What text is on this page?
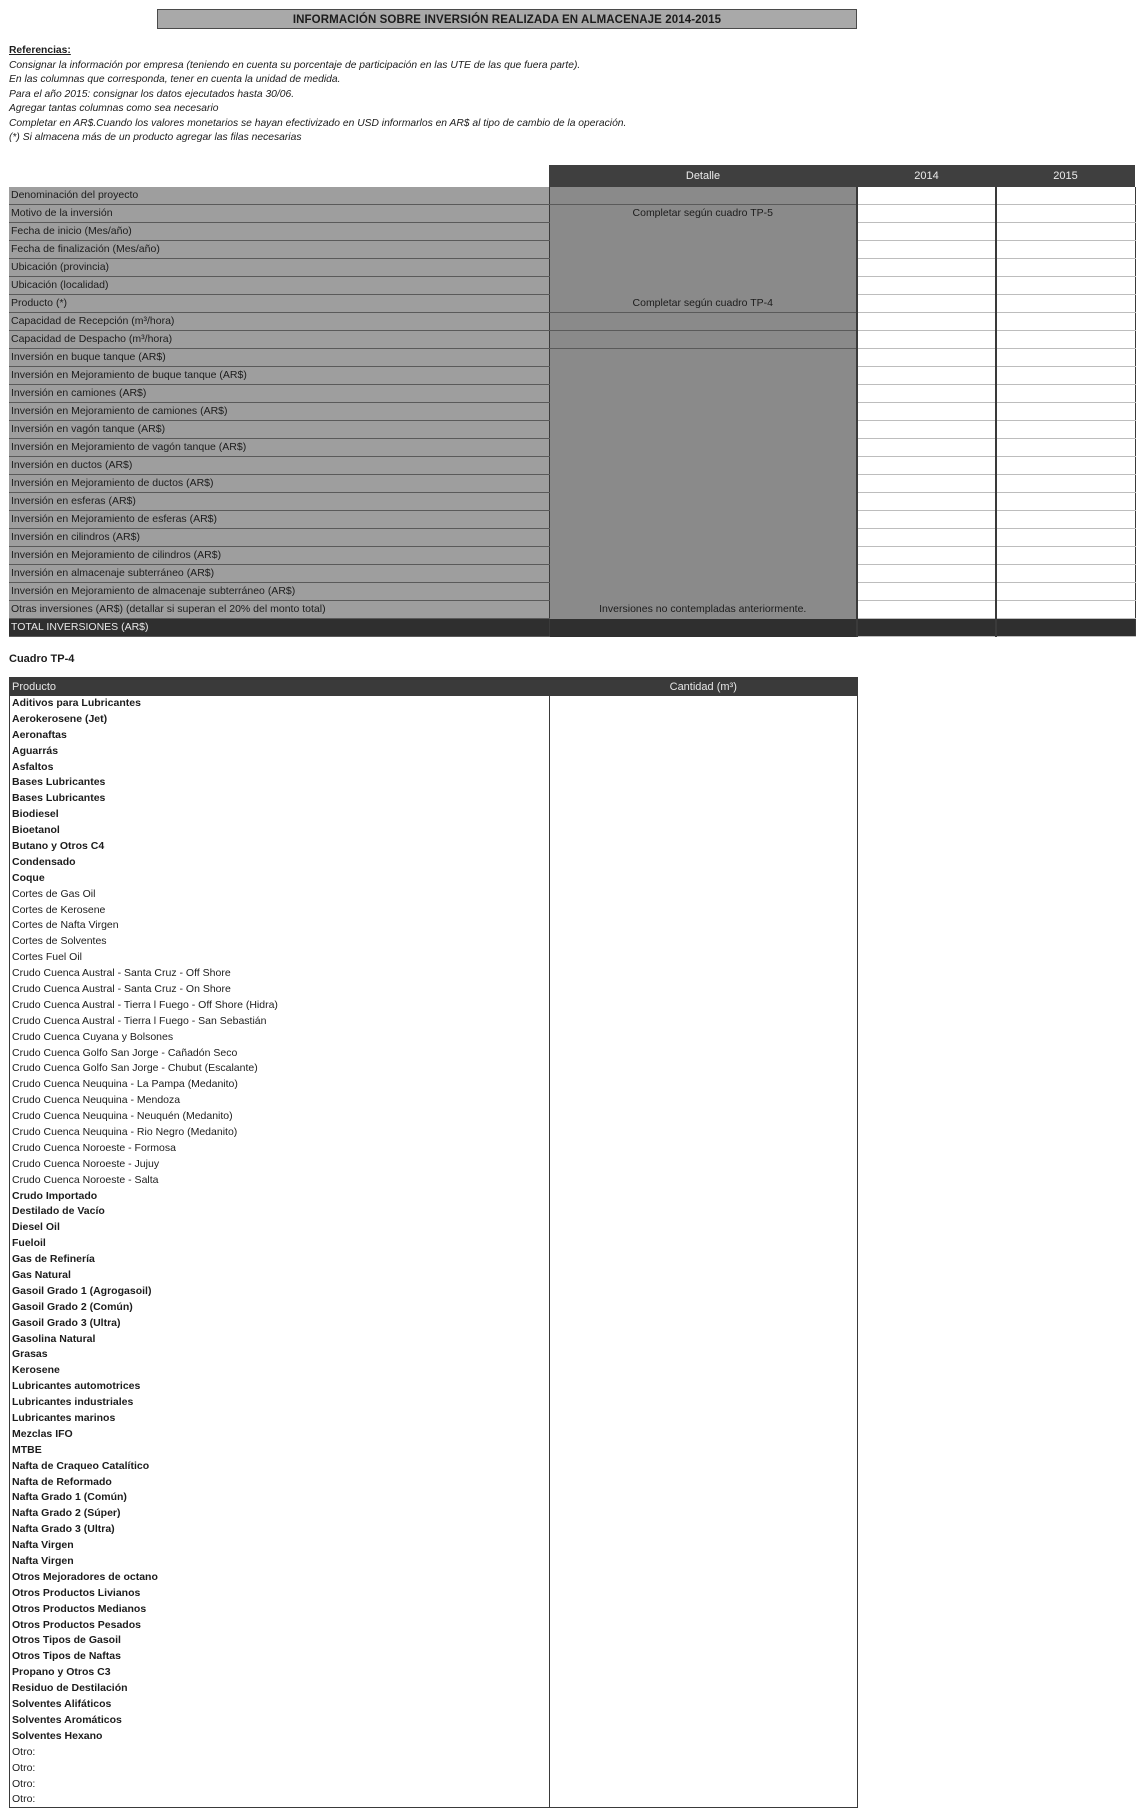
INFORMACIÓN SOBRE INVERSIÓN REALIZADA EN ALMACENAJE 2014-2015
Referencias:
Consignar la información por empresa (teniendo en cuenta su porcentaje de participación en las UTE de las que fuera parte).
En las columnas que corresponda, tener en cuenta la unidad de medida.
Para el año 2015: consignar los datos ejecutados hasta 30/06.
Agregar tantas columnas como sea necesario
Completar en AR$.Cuando los valores monetarios se hayan efectivizado en USD informarlos en AR$ al tipo de cambio de la operación.
(*) Si almacena más de un producto agregar las filas necesarias
	Detalle	2014	2015
Denominación del proyecto			
Motivo de la inversión	Completar según cuadro TP-5		
Fecha de inicio (Mes/año)			
Fecha de finalización (Mes/año)			
Ubicación (provincia)			
Ubicación (localidad)			
Producto (*)	Completar según cuadro TP-4		
Capacidad de Recepción (m³/hora)			
Capacidad de Despacho (m³/hora)			
Inversión en buque tanque (AR$)			
Inversión en Mejoramiento de buque tanque (AR$)			
Inversión en camiones (AR$)			
Inversión en Mejoramiento de camiones (AR$)			
Inversión en vagón tanque (AR$)			
Inversión en Mejoramiento de vagón tanque (AR$)			
Inversión en ductos (AR$)			
Inversión en Mejoramiento de ductos (AR$)			
Inversión en esferas (AR$)			
Inversión en Mejoramiento de esferas (AR$)			
Inversión en cilindros (AR$)			
Inversión en Mejoramiento de cilindros (AR$)			
Inversión en almacenaje subterráneo (AR$)			
Inversión en Mejoramiento de almacenaje subterráneo (AR$)			
Otras inversiones (AR$) (detallar si superan el 20% del monto total)	Inversiones no contempladas anteriormente.		
TOTAL INVERSIONES (AR$)			
Cuadro TP-4
Producto	Cantidad (m³)
Aditivos para Lubricantes	
Aerokerosene (Jet)	
Aeronaftas	
Aguarrás	
Asfaltos	
Bases Lubricantes	
Bases Lubricantes	
Biodiesel	
Bioetanol	
Butano y Otros C4	
Condensado	
Coque	
Cortes de Gas Oil	
Cortes de Kerosene	
Cortes de Nafta Virgen	
Cortes de Solventes	
Cortes Fuel Oil	
Crudo Cuenca Austral - Santa Cruz - Off Shore	
Crudo Cuenca Austral - Santa Cruz - On Shore	
Crudo Cuenca Austral - Tierra l Fuego - Off Shore (Hidra)	
Crudo Cuenca Austral - Tierra l Fuego - San Sebastián	
Crudo Cuenca Cuyana y Bolsones	
Crudo Cuenca Golfo San Jorge - Cañadón Seco	
Crudo Cuenca Golfo San Jorge - Chubut (Escalante)	
Crudo Cuenca Neuquina - La Pampa (Medanito)	
Crudo Cuenca Neuquina - Mendoza	
Crudo Cuenca Neuquina - Neuquén (Medanito)	
Crudo Cuenca Neuquina - Rio Negro (Medanito)	
Crudo Cuenca Noroeste - Formosa	
Crudo Cuenca Noroeste - Jujuy	
Crudo Cuenca Noroeste - Salta	
Crudo Importado	
Destilado de Vacío	
Diesel Oil	
Fueloil	
Gas de Refinería	
Gas Natural	
Gasoil Grado 1 (Agrogasoil)	
Gasoil Grado 2 (Común)	
Gasoil Grado 3 (Ultra)	
Gasolina Natural	
Grasas	
Kerosene	
Lubricantes automotrices	
Lubricantes industriales	
Lubricantes marinos	
Mezclas IFO	
MTBE	
Nafta de Craqueo Catalítico	
Nafta de Reformado	
Nafta Grado 1 (Común)	
Nafta Grado 2 (Súper)	
Nafta Grado 3 (Ultra)	
Nafta Virgen	
Nafta Virgen	
Otros Mejoradores de octano	
Otros Productos Livianos	
Otros Productos Medianos	
Otros Productos Pesados	
Otros Tipos de Gasoil	
Otros Tipos de Naftas	
Propano y Otros C3	
Residuo de Destilación	
Solventes Alifáticos	
Solventes Aromáticos	
Solventes Hexano	
Otro:	
Otro:	
Otro:	
Otro:	
